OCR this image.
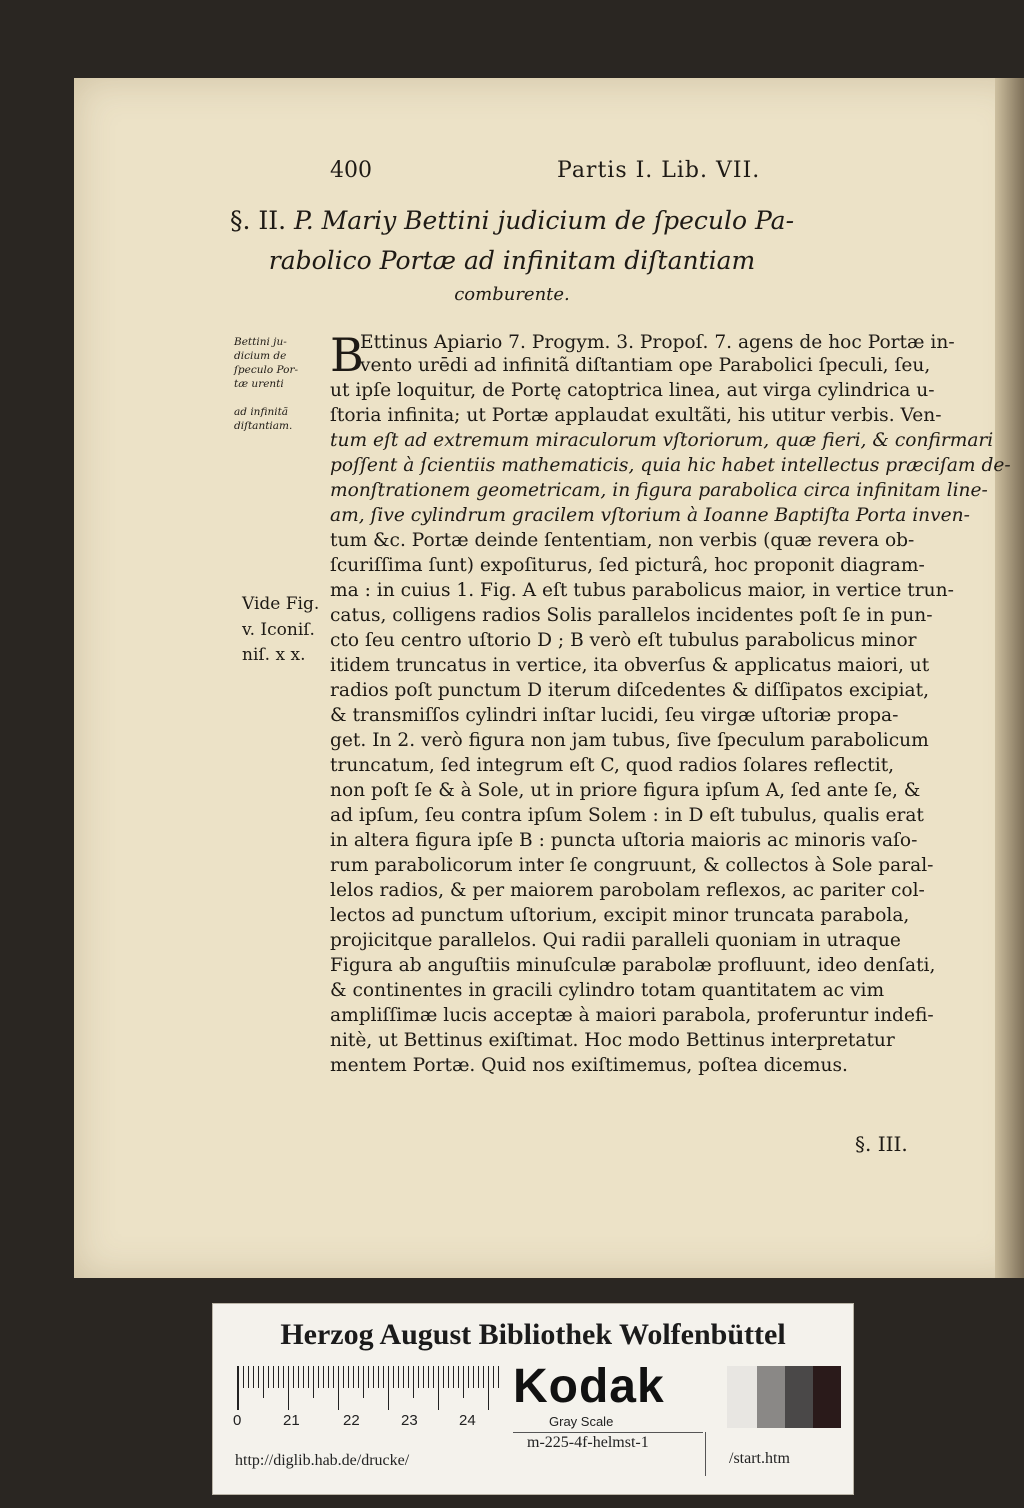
400	Partis I. Lib. VII.
§. II. P. Mariy Bettini judicium de ſpeculo Pa-
rabolico Portæ ad infinitam diſtantiam
comburente.
Bettini ju-
dicium de
ſpeculo Por-
tæ urenti
ad infinitã
diſtantiam.
B
Ettinus Apiario 7. Progym. 3. Propoſ. 7. agens de hoc Portæ in-
vento urēdi ad infinitã diſtantiam ope Parabolici ſpeculi, ſeu,
ut ipſe loquitur, de Portę catoptrica linea, aut virga cylindrica u-
ſtoria infinita; ut Portæ applaudat exultãti, his utitur verbis. Ven-
tum eſt ad extremum miraculorum vſtoriorum, quæ fieri, & confirmari
poſſent à ſcientiis mathematicis, quia hic habet intellectus præciſam de-
monſtrationem geometricam, in figura parabolica circa infinitam line-
am, ſive cylindrum gracilem vſtorium à Ioanne Baptiſta Porta inven-
tum &c. Portæ deinde ſententiam, non verbis (quæ revera ob-
ſcuriſſima ſunt) expoſiturus, ſed picturâ, hoc proponit diagram-
ma : in cuius 1. Fig. A eſt tubus parabolicus maior, in vertice trun-
catus, colligens radios Solis parallelos incidentes poſt ſe in pun-
cto ſeu centro uſtorio D ; B verò eſt tubulus parabolicus minor
itidem truncatus in vertice, ita obverſus & applicatus maiori, ut
radios poſt punctum D iterum diſcedentes & diſſipatos excipiat,
& transmiſſos cylindri inſtar lucidi, ſeu virgæ uſtoriæ propa-
get. In 2. verò figura non jam tubus, ſive ſpeculum parabolicum
truncatum, ſed integrum eſt C, quod radios ſolares reflectit,
non poſt ſe & à Sole, ut in priore figura ipſum A, ſed ante ſe, &
ad ipſum, ſeu contra ipſum Solem : in D eſt tubulus, qualis erat
in altera figura ipſe B : puncta uſtoria maioris ac minoris vaſo-
rum parabolicorum inter ſe congruunt, & collectos à Sole paral-
lelos radios, & per maiorem parobolam reflexos, ac pariter col-
lectos ad punctum uſtorium, excipit minor truncata parabola,
projicitque parallelos. Qui radii paralleli quoniam in utraque
Figura ab anguſtiis minuſculæ parabolæ profluunt, ideo denſati,
& continentes in gracili cylindro totam quantitatem ac vim
ampliſſimæ lucis acceptæ à maiori parabola, proferuntur indefi-
nitè, ut Bettinus exiſtimat. Hoc modo Bettinus interpretatur
mentem Portæ. Quid nos exiſtimemus, poſtea dicemus.
Vide Fig.
v. Iconiſ.
niſ. x x.
§. III.
Herzog August Bibliothek Wolfenbüttel
0	21	22	23	24
Kodak
Gray Scale
http://diglib.hab.de/drucke/
m-225-4f-helmst-1
/start.htm
